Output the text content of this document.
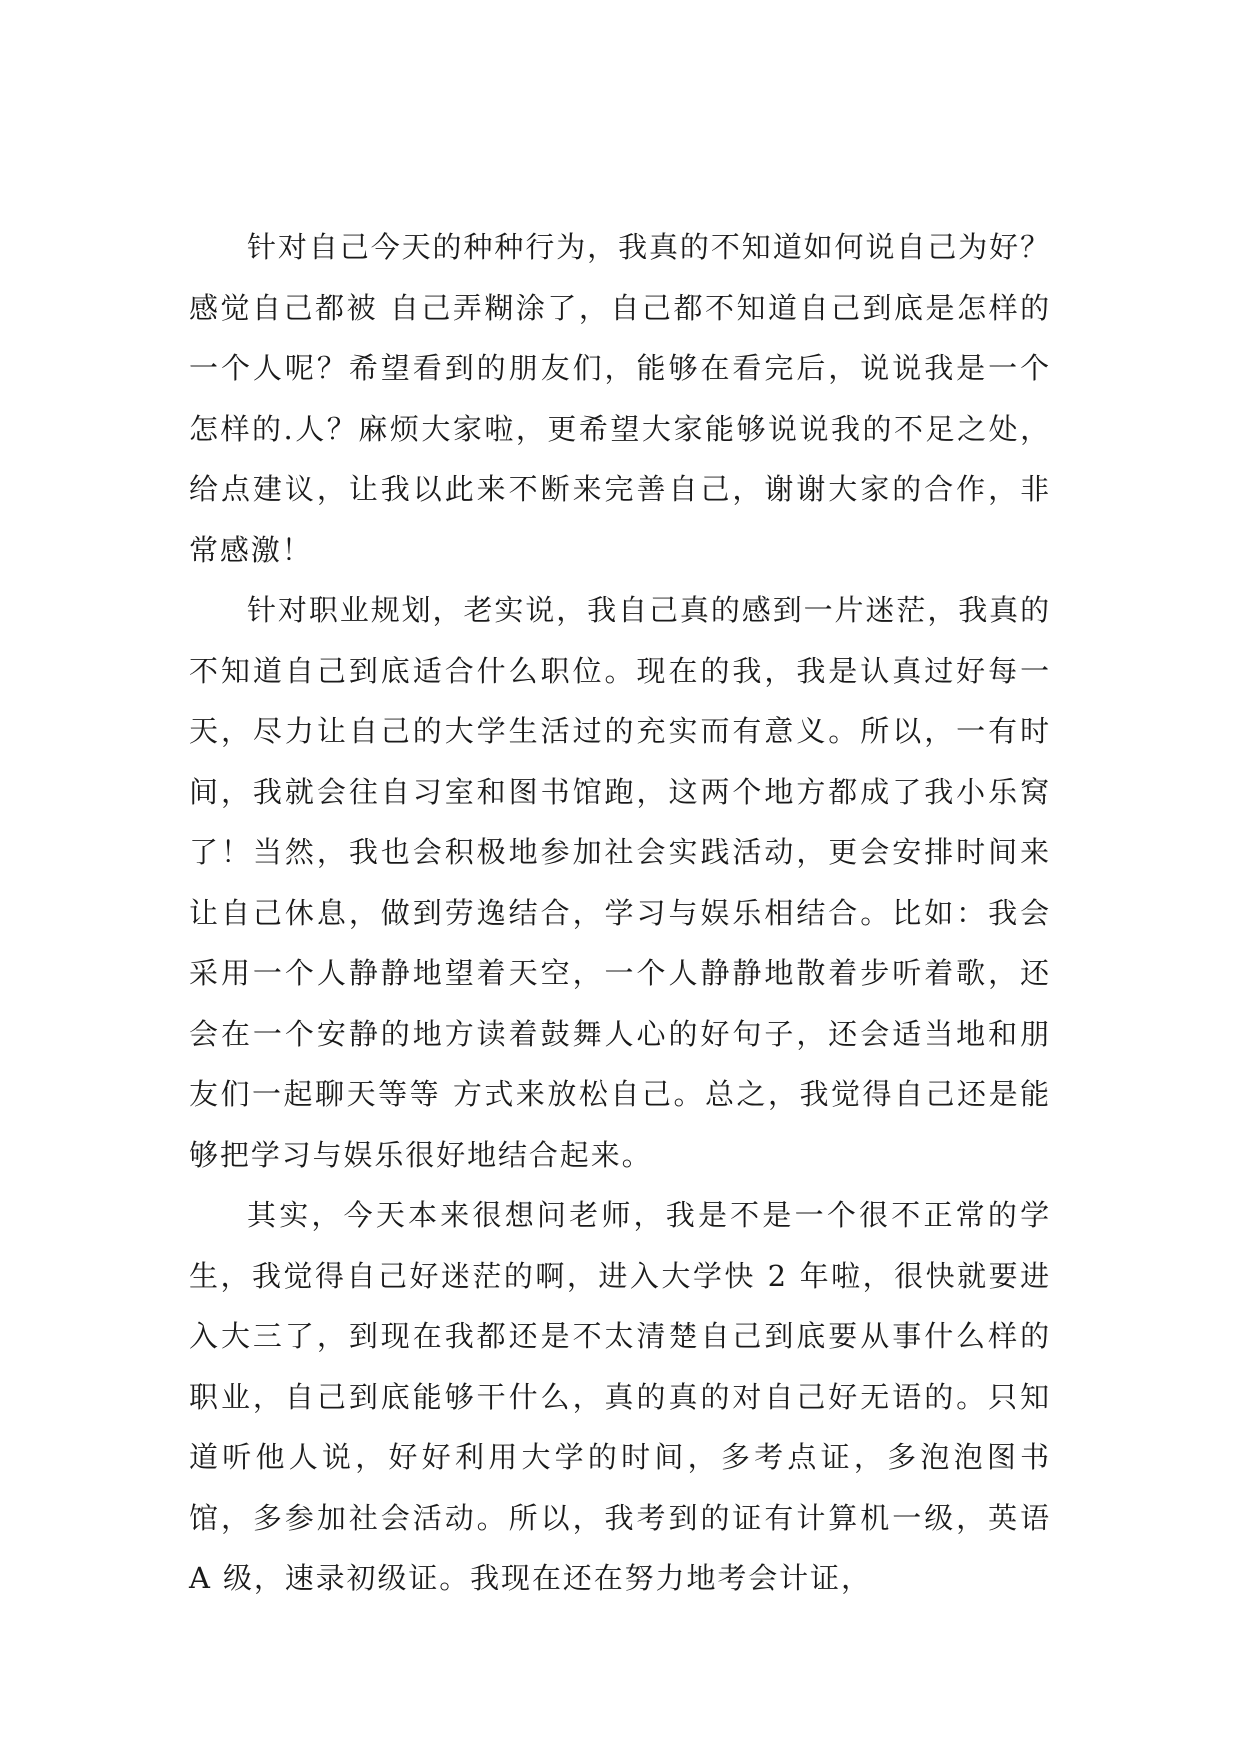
针对自己今天的种种行为，我真的不知道如何说自己为好？感觉自己都被 自己弄糊涂了，自己都不知道自己到底是怎样的一个人呢？希望看到的朋友们，能够在看完后，说说我是一个怎样的.人？麻烦大家啦，更希望大家能够说说我的不足之处，给点建议，让我以此来不断来完善自己，谢谢大家的合作，非常感激！

针对职业规划，老实说，我自己真的感到一片迷茫，我真的不知道自己到底适合什么职位。现在的我，我是认真过好每一天，尽力让自己的大学生活过的充实而有意义。所以，一有时间，我就会往自习室和图书馆跑，这两个地方都成了我小乐窝了！当然，我也会积极地参加社会实践活动，更会安排时间来让自己休息，做到劳逸结合，学习与娱乐相结合。比如：我会采用一个人静静地望着天空，一个人静静地散着步听着歌，还会在一个安静的地方读着鼓舞人心的好句子，还会适当地和朋友们一起聊天等等 方式来放松自己。总之，我觉得自己还是能够把学习与娱乐很好地结合起来。

其实，今天本来很想问老师，我是不是一个很不正常的学生，我觉得自己好迷茫的啊，进入大学快 2 年啦，很快就要进入大三了，到现在我都还是不太清楚自己到底要从事什么样的职业，自己到底能够干什么，真的真的对自己好无语的。只知道听他人说，好好利用大学的时间，多考点证，多泡泡图书馆，多参加社会活动。所以，我考到的证有计算机一级，英语 A 级，速录初级证。我现在还在努力地考会计证，
